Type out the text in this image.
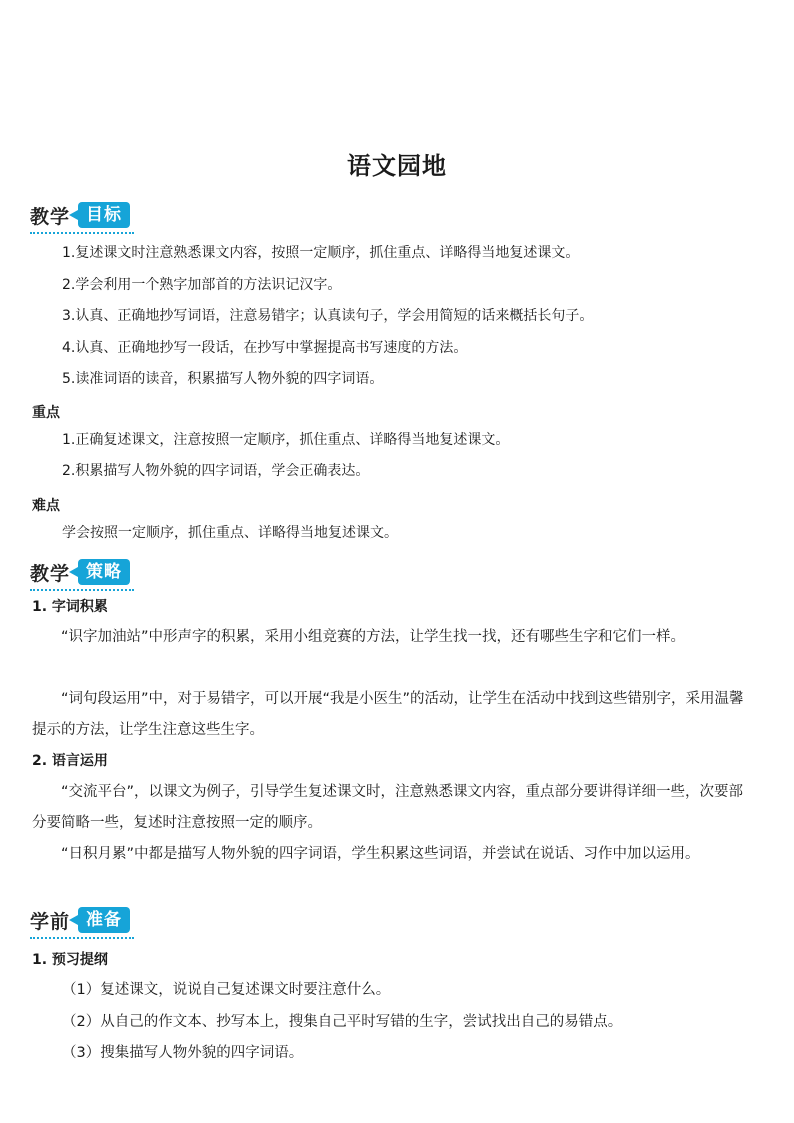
语文园地
教学 目标
1.复述课文时注意熟悉课文内容，按照一定顺序，抓住重点、详略得当地复述课文。
2.学会利用一个熟字加部首的方法识记汉字。
3.认真、正确地抄写词语，注意易错字；认真读句子，学会用简短的话来概括长句子。
4.认真、正确地抄写一段话，在抄写中掌握提高书写速度的方法。
5.读准词语的读音，积累描写人物外貌的四字词语。
重点
1.正确复述课文，注意按照一定顺序，抓住重点、详略得当地复述课文。
2.积累描写人物外貌的四字词语，学会正确表达。
难点
学会按照一定顺序，抓住重点、详略得当地复述课文。
教学 策略
1. 字词积累
“识字加油站”中形声字的积累，采用小组竞赛的方法，让学生找一找，还有哪些生字和它们一样。
“词句段运用”中，对于易错字，可以开展“我是小医生”的活动，让学生在活动中找到这些错别字，采用温馨提示的方法，让学生注意这些生字。
2. 语言运用
“交流平台”，以课文为例子，引导学生复述课文时，注意熟悉课文内容，重点部分要讲得详细一些，次要部分要简略一些，复述时注意按照一定的顺序。
“日积月累”中都是描写人物外貌的四字词语，学生积累这些词语，并尝试在说话、习作中加以运用。
学前 准备
1. 预习提纲
（1）复述课文，说说自己复述课文时要注意什么。
（2）从自己的作文本、抄写本上，搜集自己平时写错的生字，尝试找出自己的易错点。
（3）搜集描写人物外貌的四字词语。
